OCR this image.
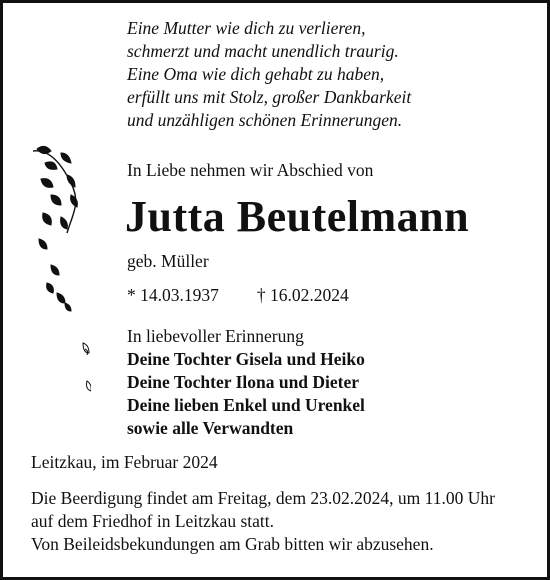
Eine Mutter wie dich zu verlieren,
schmerzt und macht unendlich traurig.
Eine Oma wie dich gehabt zu haben,
erfüllt uns mit Stolz, großer Dankbarkeit
und unzähligen schönen Erinnerungen.
In Liebe nehmen wir Abschied von
Jutta Beutelmann
geb. Müller
* 14.03.1937 † 16.02.2024
In liebevoller Erinnerung
Deine Tochter Gisela und Heiko
Deine Tochter Ilona und Dieter
Deine lieben Enkel und Urenkel
sowie alle Verwandten
Leitzkau, im Februar 2024
Die Beerdigung findet am Freitag, dem 23.02.2024, um 11.00 Uhr
auf dem Friedhof in Leitzkau statt.
Von Beileidsbekundungen am Grab bitten wir abzusehen.
